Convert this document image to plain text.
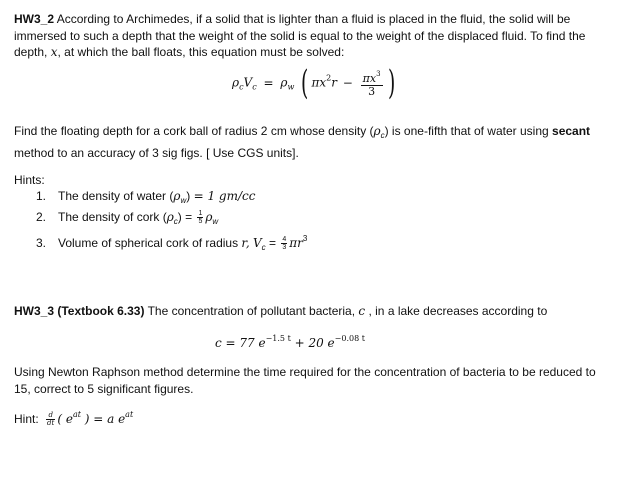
HW3_2 According to Archimedes, if a solid that is lighter than a fluid is placed in the fluid, the solid will be immersed to such a depth that the weight of the solid is equal to the weight of the displaced fluid. To find the depth, x, at which the ball floats, this equation must be solved:

$\rho_cV_c = \rho_w$ ( $\pi x^2r - \frac{\pi x^3}{3}$ )

Find the floating depth for a cork ball of radius 2 cm whose density $(\rho_c)$ is one-fifth that of water using secant method to an accuracy of 3 sig figs. [ Use CGS units].

Hints:

1. The density of water $(\rho_w) = 1$ gm/cc
2. The density of cork $(\rho_c) = \frac{1}{5} \rho_w$
3. Volume of spherical cork of radius r, $V_c = \frac{4}{3} \pi r^3$

HW3_3 (Textbook 6.33) The concentration of pollutant bacteria, c , in a lake decreases according to

c = 77 $e^{-1.5 t} + 20$ $e^{-0.08 t}$

Using Newton Raphson method determine the time required for the concentration of bacteria to be reduced to 15, correct to 5 significant figures.

Hint: $\frac{d}{dt}$ ( $e^{at}$ ) = a $e^{at}$
